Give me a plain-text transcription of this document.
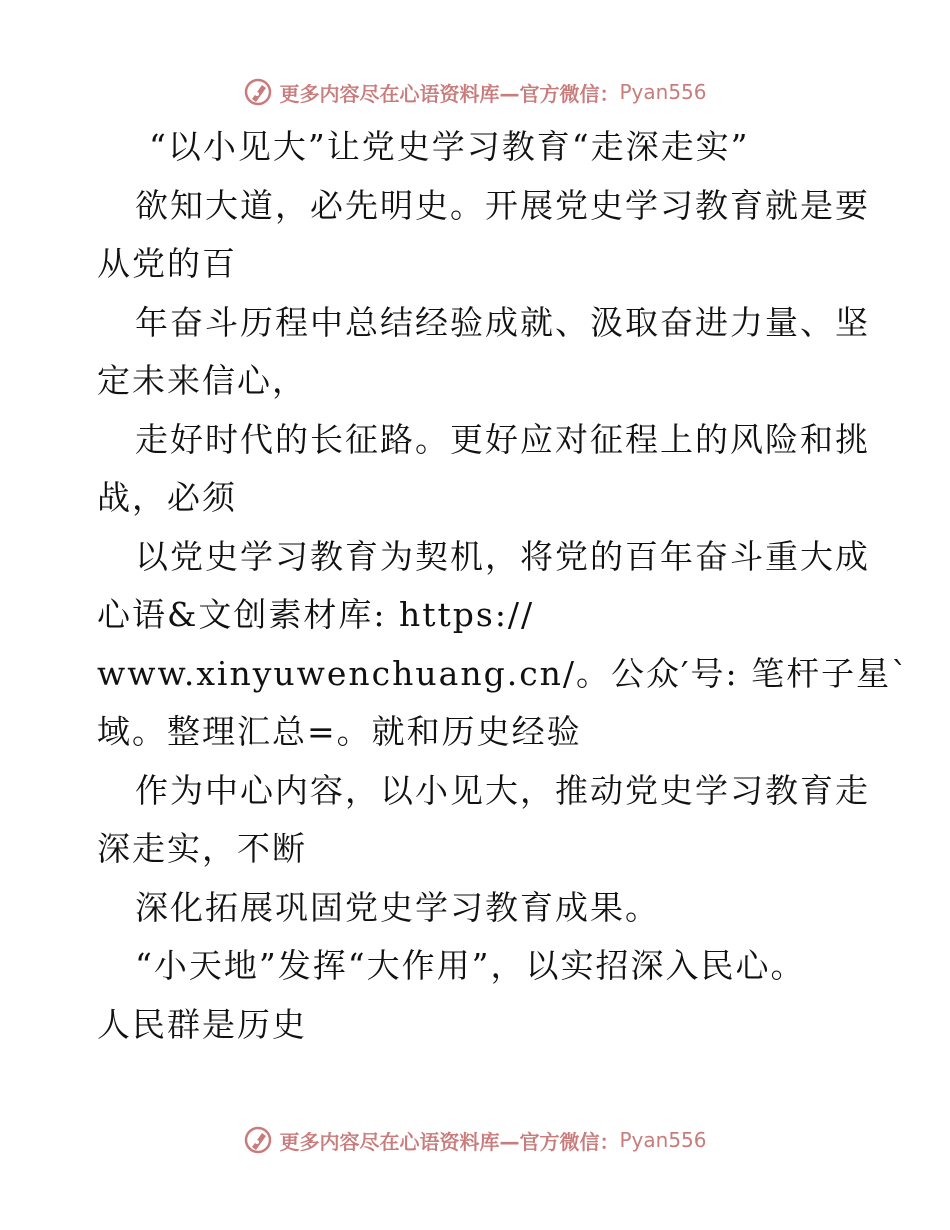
更多内容尽在心语资料库—官方微信： Pyan556
“以小见大”让党史学习教育“走深走实”
欲知大道，必先明史。开展党史学习教育就是要
从党的百
年奋斗历程中总结经验成就、汲取奋进力量、坚
定未来信心，
走好时代的长征路。更好应对征程上的风险和挑
战，必须
以党史学习教育为契机，将党的百年奋斗重大成
心语&文创素材库: https://
www.xinyuwenchuang.cn/。公众′号: 笔杆子星`
域。整理汇总=。就和历史经验
作为中心内容，以小见大，推动党史学习教育走
深走实，不断
深化拓展巩固党史学习教育成果。
“小天地”发挥“大作用”，以实招深入民心。
人民群是历史
更多内容尽在心语资料库—官方微信： Pyan556
